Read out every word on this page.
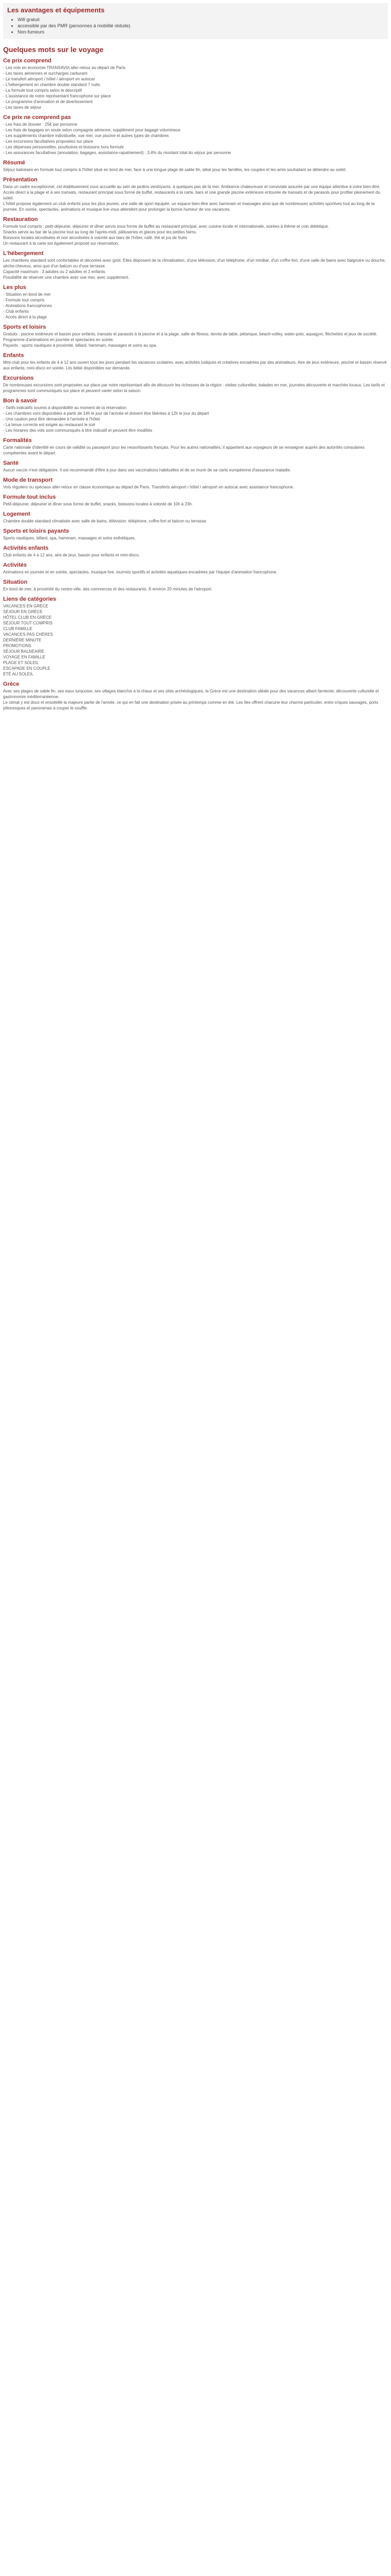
Les avantages et équipements
• Wifi gratuit
• accessible par des PMR (personnes à mobilité réduite)
• Non-fumeurs
Quelques mots sur le voyage
Ce prix comprend

- Les vols en économie TRANSAVIA aller-retour au départ de Paris
- Les taxes aériennes et surcharges carburant
- Le transfert aéroport / hôtel / aéroport en autocar
- L'hébergement en chambre double standard 7 nuits
- La formule tout compris selon le descriptif
- L'assistance de notre représentant francophone sur place
- Le programme d'animation et de divertissement
- Les taxes de séjour

Ce prix ne comprend pas

- Les frais de dossier : 25€ par personne
- Les frais de bagages en soute selon compagnie aérienne, supplément pour bagage volumineux
- Les suppléments chambre individuelle, vue mer, vue piscine et autres types de chambres
- Les excursions facultatives proposées sur place
- Les dépenses personnelles, pourboires et boissons hors formule
- Les assurances facultatives (annulation, bagages, assistance-rapatriement) : 3,4% du montant total du séjour par personne

Résumé

Séjour balnéaire en formule tout compris à l'hôtel situé en bord de mer, face à une longue plage de sable fin, idéal pour les familles, les couples et les amis souhaitant se détendre au soleil.

Présentation

Dans un cadre exceptionnel, cet établissement vous accueille au sein de jardins verdoyants, à quelques pas de la mer. Ambiance chaleureuse et conviviale assurée par une équipe attentive à votre bien-être. Accès direct à la plage et à ses transats, restaurant principal sous forme de buffet, restaurants à la carte, bars et une grande piscine extérieure entourée de transats et de parasols pour profiter pleinement du soleil.
L'hôtel propose également un club enfants pour les plus jeunes, une salle de sport équipée, un espace bien-être avec hammam et massages ainsi que de nombreuses activités sportives tout au long de la journée. En soirée, spectacles, animations et musique live vous attendent pour prolonger la bonne humeur de vos vacances.

Restauration

Formule tout compris : petit-déjeuner, déjeuner et dîner servis sous forme de buffet au restaurant principal, avec cuisine locale et internationale, soirées à thème et coin diététique.
Snacks servis au bar de la piscine tout au long de l'après-midi, pâtisseries et glaces pour les petites faims.
Boissons locales alcoolisées et non alcoolisées à volonté aux bars de l'hôtel, café, thé et jus de fruits.
Un restaurant à la carte est également proposé sur réservation.

L'hébergement

Les chambres standard sont confortables et décorées avec goût. Elles disposent de la climatisation, d'une télévision, d'un téléphone, d'un minibar, d'un coffre-fort, d'une salle de bains avec baignoire ou douche, sèche-cheveux, ainsi que d'un balcon ou d'une terrasse.
Capacité maximum : 3 adultes ou 2 adultes et 2 enfants.
Possibilité de réserver une chambre avec vue mer, avec supplément.

Les plus

- Situation en bord de mer
- Formule tout compris
- Animations francophones
- Club enfants
- Accès direct à la plage

Sports et loisirs

Gratuits : piscine extérieure et bassin pour enfants, transats et parasols à la piscine et à la plage, salle de fitness, tennis de table, pétanque, beach-volley, water-polo, aquagym, fléchettes et jeux de société. Programme d'animations en journée et spectacles en soirée.
Payants : sports nautiques à proximité, billard, hammam, massages et soins au spa.

Enfants

Mini-club pour les enfants de 4 à 12 ans ouvert tous les jours pendant les vacances scolaires, avec activités ludiques et créatives encadrées par des animateurs. Aire de jeux extérieure, piscine et bassin réservé aux enfants, mini-disco en soirée. Lits bébé disponibles sur demande.

Excursions

De nombreuses excursions sont proposées sur place par notre représentant afin de découvrir les richesses de la région : visites culturelles, balades en mer, journées découverte et marchés locaux. Les tarifs et programmes sont communiqués sur place et peuvent varier selon la saison.

Bon à savoir

- Tarifs indicatifs soumis à disponibilité au moment de la réservation
- Les chambres sont disponibles à partir de 14h le jour de l'arrivée et doivent être libérées à 12h le jour du départ
- Une caution peut être demandée à l'arrivée à l'hôtel
- La tenue correcte est exigée au restaurant le soir
- Les horaires des vols sont communiqués à titre indicatif et peuvent être modifiés

Formalités

Carte nationale d'identité en cours de validité ou passeport pour les ressortissants français. Pour les autres nationalités, il appartient aux voyageurs de se renseigner auprès des autorités consulaires compétentes avant le départ.

Santé

Aucun vaccin n'est obligatoire. Il est recommandé d'être à jour dans ses vaccinations habituelles et de se munir de sa carte européenne d'assurance maladie.

Mode de transport

Vols réguliers ou spéciaux aller-retour en classe économique au départ de Paris. Transferts aéroport / hôtel / aéroport en autocar avec assistance francophone.

Formule tout inclus

Petit-déjeuner, déjeuner et dîner sous forme de buffet, snacks, boissons locales à volonté de 10h à 23h.

Logement

Chambre double standard climatisée avec salle de bains, télévision, téléphone, coffre-fort et balcon ou terrasse.

Sports et loisirs payants

Sports nautiques, billard, spa, hammam, massages et soins esthétiques.

Activités enfants

Club enfants de 4 à 12 ans, aire de jeux, bassin pour enfants et mini-disco.

Activités

Animations en journée et en soirée, spectacles, musique live, tournois sportifs et activités aquatiques encadrées par l'équipe d'animation francophone.

Situation

En bord de mer, à proximité du centre-ville, des commerces et des restaurants. À environ 20 minutes de l'aéroport.

Liens de catégories

VACANCES EN GRÈCE
SÉJOUR EN GRÈCE
HÔTEL CLUB EN GRÈCE
SÉJOUR TOUT COMPRIS
CLUB FAMILLE
VACANCES PAS CHÈRES
DERNIÈRE MINUTE
PROMOTIONS
SÉJOUR BALNÉAIRE
VOYAGE EN FAMILLE
PLAGE ET SOLEIL
ESCAPADE EN COUPLE
ÉTÉ AU SOLEIL

Grèce

Avec ses plages de sable fin, ses eaux turquoise, ses villages blanchis à la chaux et ses sites archéologiques, la Grèce est une destination idéale pour des vacances alliant farniente, découverte culturelle et gastronomie méditerranéenne.
Le climat y est doux et ensoleillé la majeure partie de l'année, ce qui en fait une destination prisée au printemps comme en été. Les îles offrent chacune leur charme particulier, entre criques sauvages, ports pittoresques et panoramas à couper le souffle.
